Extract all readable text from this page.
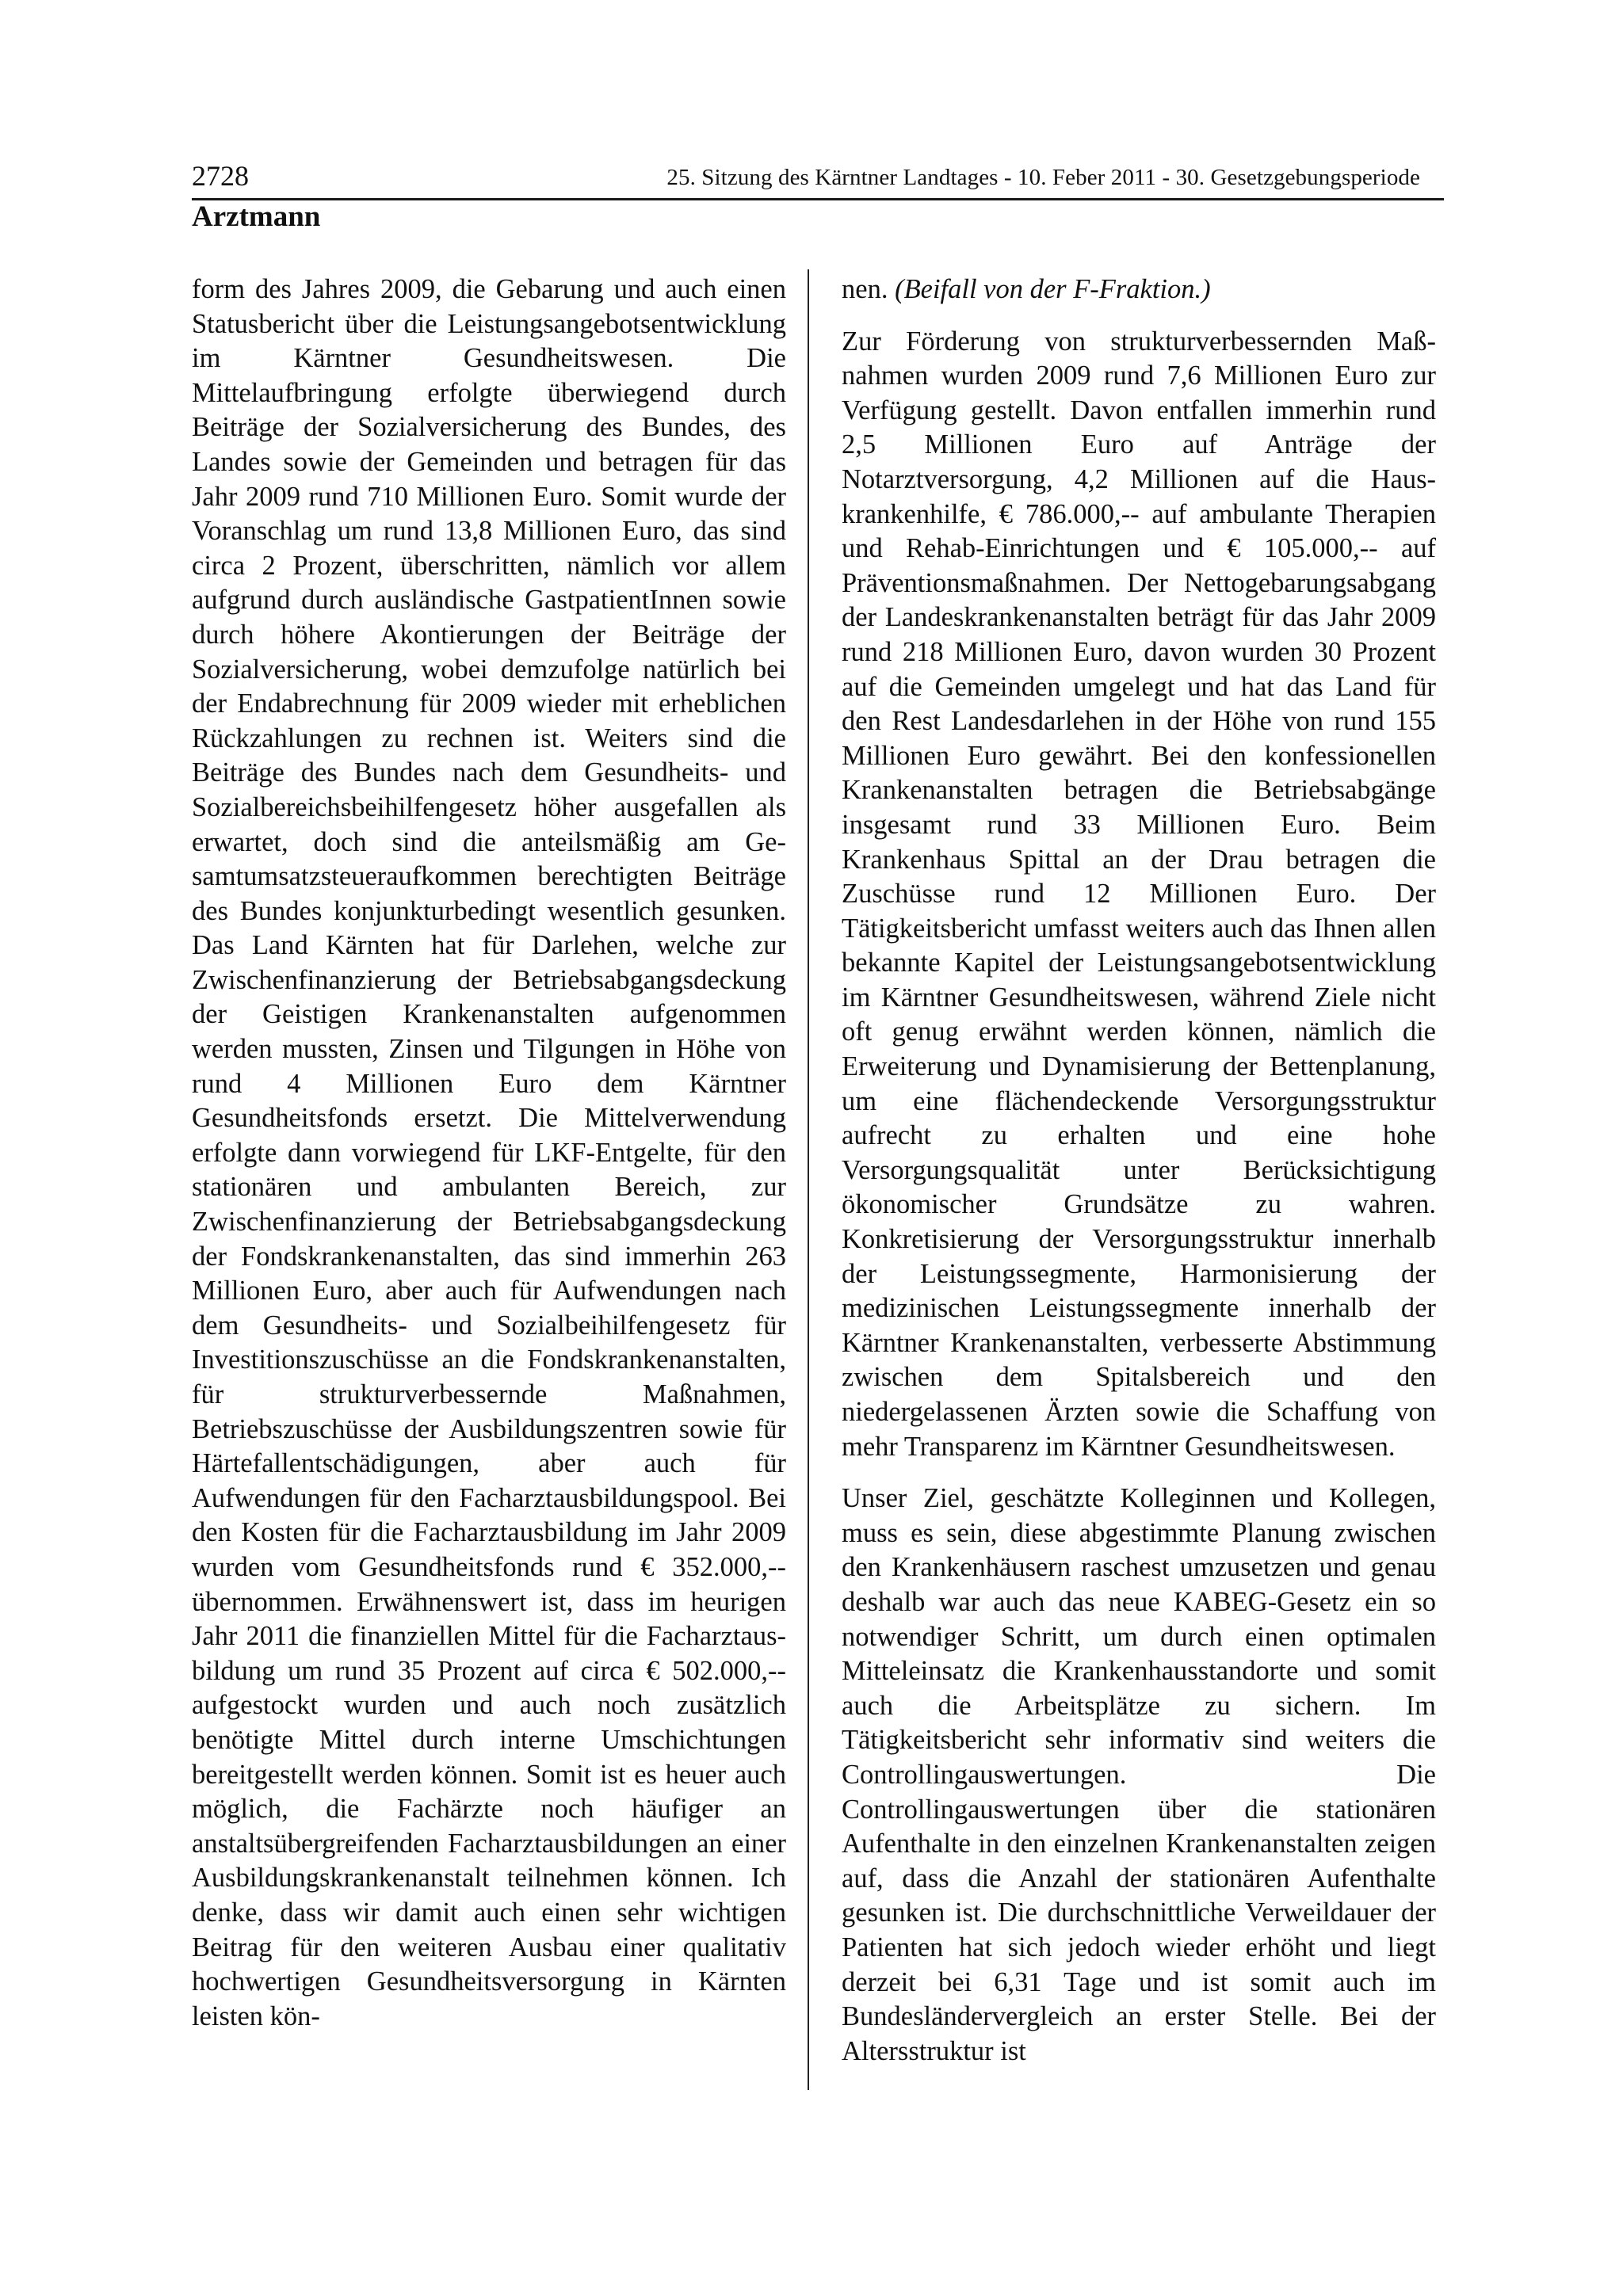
2728	25. Sitzung des Kärntner Landtages - 10. Feber 2011 - 30. Gesetzgebungsperiode
Arztmann

form des Jahres 2009, die Gebarung und auch einen Statusbericht über die Leistungsangebotsentwicklung im Kärntner Gesundheitswesen. Die Mittelaufbringung erfolgte überwiegend durch Beiträge der Sozialversicherung des Bundes, des Landes sowie der Gemeinden und betragen für das Jahr 2009 rund 710 Millionen Euro. Somit wurde der Voranschlag um rund 13,8 Millionen Euro, das sind circa 2 Prozent, überschritten, nämlich vor allem aufgrund durch ausländische GastpatientInnen sowie durch höhere Akontierungen der Beiträge der Sozialversicherung, wobei demzufolge natürlich bei der Endabrechnung für 2009 wieder mit erheblichen Rückzahlungen zu rechnen ist. Weiters sind die Beiträge des Bundes nach dem Gesundheits- und Sozialbereichsbeihilfengesetz höher ausgefallen als erwartet, doch sind die anteilsmäßig am Gesamtumsatzsteueraufkommen berechtigten Beiträge des Bundes konjunkturbedingt wesentlich gesunken. Das Land Kärnten hat für Darlehen, welche zur Zwischenfinanzierung der Betriebsabgangsdeckung der Geistigen Krankenanstalten aufgenommen werden mussten, Zinsen und Tilgungen in Höhe von rund 4 Millionen Euro dem Kärntner Gesundheitsfonds ersetzt. Die Mittelverwendung erfolgte dann vorwiegend für LKF-Entgelte, für den stationären und ambulanten Bereich, zur Zwischenfinanzierung der Betriebsabgangsdeckung der Fondskrankenanstalten, das sind immerhin 263 Millionen Euro, aber auch für Aufwendungen nach dem Gesundheits- und Sozialbeihilfengesetz für Investitionszuschüsse an die Fondskrankenanstalten, für strukturverbessernde Maßnahmen, Betriebszuschüsse der Ausbildungszentren sowie für Härtefallentschädigungen, aber auch für Aufwendungen für den Facharztausbildungspool. Bei den Kosten für die Facharztausbildung im Jahr 2009 wurden vom Gesundheitsfonds rund € 352.000,-- übernommen. Erwähnenswert ist, dass im heurigen Jahr 2011 die finanziellen Mittel für die Facharztausbildung um rund 35 Prozent auf circa € 502.000,-- aufgestockt wurden und auch noch zusätzlich benötigte Mittel durch interne Umschichtungen bereitgestellt werden können. Somit ist es heuer auch möglich, die Fachärzte noch häufiger an anstaltsübergreifenden Facharztausbildungen an einer Ausbildungskrankenanstalt teilnehmen können. Ich denke, dass wir damit auch einen sehr wichtigen Beitrag für den weiteren Ausbau einer qualitativ hochwertigen Gesundheitsversorgung in Kärnten leisten kön-

nen. (Beifall von der F-Fraktion.)

Zur Förderung von strukturverbessernden Maßnahmen wurden 2009 rund 7,6 Millionen Euro zur Verfügung gestellt. Davon entfallen immerhin rund 2,5 Millionen Euro auf Anträge der Notarztversorgung, 4,2 Millionen auf die Hauskrankenhilfe, € 786.000,-- auf ambulante Therapien und Rehab-Einrichtungen und € 105.000,-- auf Präventionsmaßnahmen. Der Nettogebarungsabgang der Landeskrankenanstalten beträgt für das Jahr 2009 rund 218 Millionen Euro, davon wurden 30 Prozent auf die Gemeinden umgelegt und hat das Land für den Rest Landesdarlehen in der Höhe von rund 155 Millionen Euro gewährt. Bei den konfessionellen Krankenanstalten betragen die Betriebsabgänge insgesamt rund 33 Millionen Euro. Beim Krankenhaus Spittal an der Drau betragen die Zuschüsse rund 12 Millionen Euro. Der Tätigkeitsbericht umfasst weiters auch das Ihnen allen bekannte Kapitel der Leistungsangebotsentwicklung im Kärntner Gesundheitswesen, während Ziele nicht oft genug erwähnt werden können, nämlich die Erweiterung und Dynamisierung der Bettenplanung, um eine flächendeckende Versorgungsstruktur aufrecht zu erhalten und eine hohe Versorgungsqualität unter Berücksichtigung ökonomischer Grundsätze zu wahren. Konkretisierung der Versorgungsstruktur innerhalb der Leistungssegmente, Harmonisierung der medizinischen Leistungssegmente innerhalb der Kärntner Krankenanstalten, verbesserte Abstimmung zwischen dem Spitalsbereich und den niedergelassenen Ärzten sowie die Schaffung von mehr Transparenz im Kärntner Gesundheitswesen.

Unser Ziel, geschätzte Kolleginnen und Kollegen, muss es sein, diese abgestimmte Planung zwischen den Krankenhäusern raschest umzusetzen und genau deshalb war auch das neue KABEG-Gesetz ein so notwendiger Schritt, um durch einen optimalen Mitteleinsatz die Krankenhausstandorte und somit auch die Arbeitsplätze zu sichern. Im Tätigkeitsbericht sehr informativ sind weiters die Controllingauswertungen. Die Controllingauswertungen über die stationären Aufenthalte in den einzelnen Krankenanstalten zeigen auf, dass die Anzahl der stationären Aufenthalte gesunken ist. Die durchschnittliche Verweildauer der Patienten hat sich jedoch wieder erhöht und liegt derzeit bei 6,31 Tage und ist somit auch im Bundesländervergleich an erster Stelle. Bei der Altersstruktur ist
